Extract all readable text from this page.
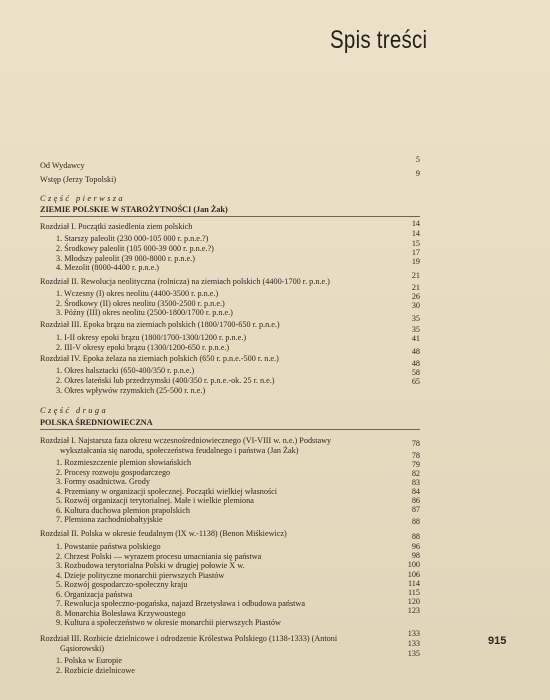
Spis treści
Od Wydawcy
5
Wstęp (Jerzy Topolski)
9
Część pierwsza
ZIEMIE POLSKIE W STAROŻYTNOŚCI (Jan Żak)
Rozdział I. Początki zasiedlenia ziem polskich	14
1. Starszy paleolit (230 000-105 000 r. p.n.e.?)
14
2. Środkowy paleolit (105 000-39 000 r. p.n.e.?)
15
3. Młodszy paleolit (39 000-8000 r. p.n.e.)
17
4. Mezolit (8000-4400 r. p.n.e.)
19
Rozdział II. Rewolucja neolityczna (rolnicza) na ziemiach polskich (4400-1700 r. p.n.e.)
21
1. Wczesny (I) okres neolitu (4400-3500 r. p.n.e.)
21
2. Środkowy (II) okres neolitu (3500-2500 r. p.n.e.)
26
3. Późny (III) okres neolitu (2500-1800/1700 r. p.n.e.)
30
Rozdział III. Epoka brązu na ziemiach polskich (1800/1700-650 r. p.n.e.)
35
1. I-II okresy epoki brązu (1800/1700-1300/1200 r. p.n.e.)
35
2. III-V okresy epoki brązu (1300/1200-650 r. p.n.e.)
41
Rozdział IV. Epoka żelaza na ziemiach polskich (650 r. p.n.e.-500 r. n.e.)
48
1. Okres halsztacki (650-400/350 r. p.n.e.)
48
2. Okres lateński lub przedrzymski (400/350 r. p.n.e.-ok. 25 r. n.e.)
58
3. Okres wpływów rzymskich (25-500 r. n.e.)
65
Część druga
POLSKA ŚREDNIOWIECZNA
Rozdział I. Najstarsza faza okresu wczesnośredniowiecznego (VI-VIII w. n.e.) Podstawy
wykształcania się narodu, społeczeństwa feudalnego i państwa (Jan Żak)
78
1. Rozmieszczenie plemion słowiańskich
78
2. Procesy rozwoju gospodarczego
79
3. Formy osadnictwa. Grody
82
4. Przemiany w organizacji społecznej. Początki wielkiej własności
83
5. Rozwój organizacji terytorialnej. Małe i wielkie plemiona
84
6. Kultura duchowa plemion prapolskich
86
7. Plemiona zachodniobałtyjskie
87
Rozdział II. Polska w okresie feudalnym (IX w.-1138) (Benon Miśkiewicz)
88
1. Powstanie państwa polskiego
88
2. Chrzest Polski — wyrazem procesu umacniania się państwa
96
3. Rozbudowa terytorialna Polski w drugiej połowie X w.
98
4. Dzieje polityczne monarchii pierwszych Piastów
100
5. Rozwój gospodarczo-społeczny kraju
106
6. Organizacja państwa
114
7. Rewolucja społeczno-pogańska, najazd Brzetysława i odbudowa państwa
115
8. Monarchia Bolesława Krzywoustego
120
9. Kultura a społeczeństwo w okresie monarchii pierwszych Piastów
123
Rozdział III. Rozbicie dzielnicowe i odrodzenie Królestwa Polskiego (1138-1333) (Antoni
Gąsiorowski)
133
1. Polska w Europie
133
2. Rozbicie dzielnicowe
135
915
